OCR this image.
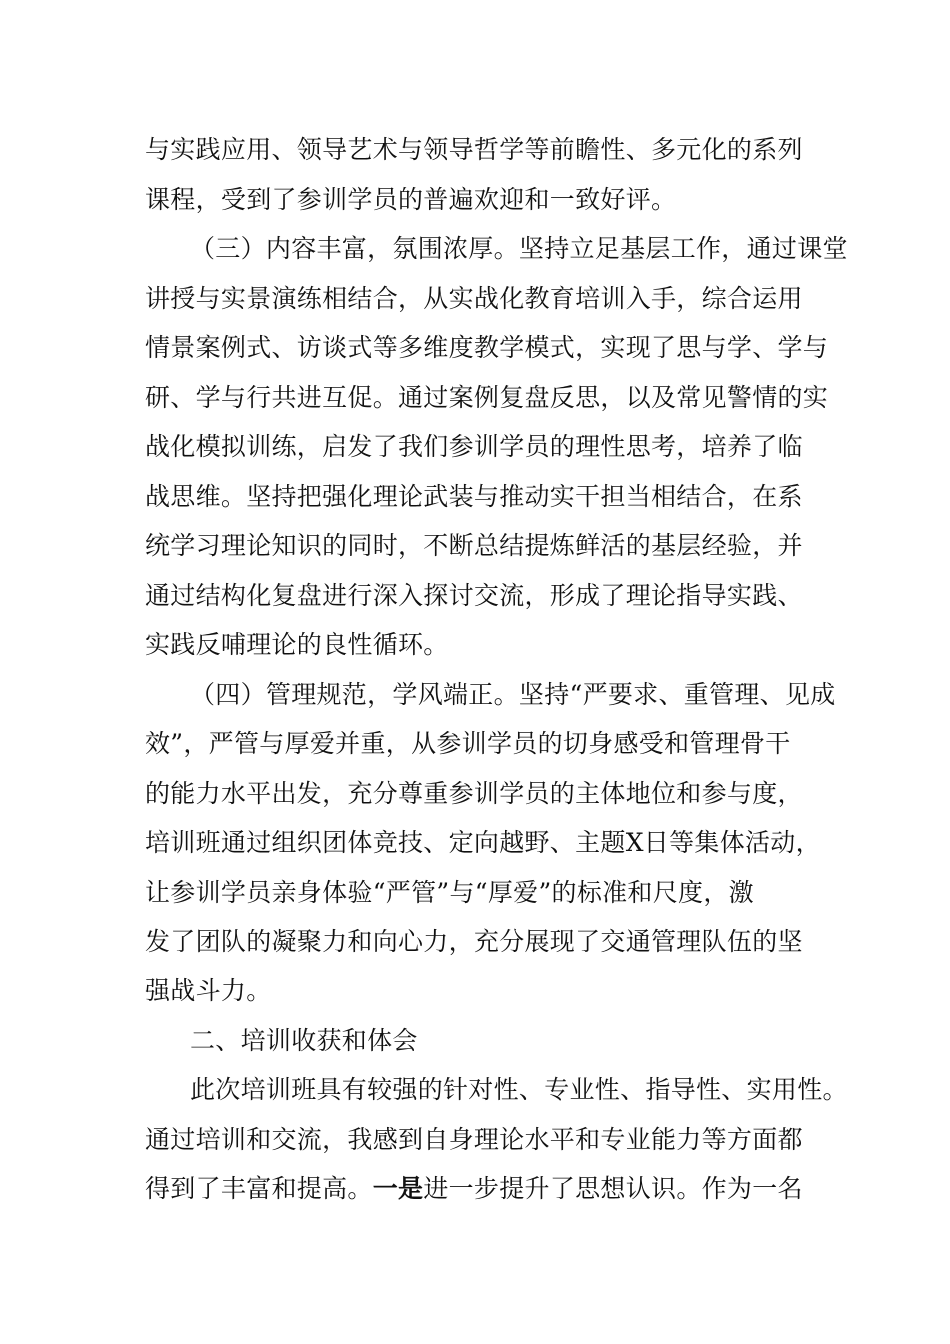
与实践应用、领导艺术与领导哲学等前瞻性、多元化的系列
课程，受到了参训学员的普遍欢迎和一致好评。
（三）内容丰富，氛围浓厚。坚持立足基层工作，通过课堂
讲授与实景演练相结合，从实战化教育培训入手，综合运用
情景案例式、访谈式等多维度教学模式，实现了思与学、学与
研、学与行共进互促。通过案例复盘反思，以及常见警情的实
战化模拟训练，启发了我们参训学员的理性思考，培养了临
战思维。坚持把强化理论武装与推动实干担当相结合，在系
统学习理论知识的同时，不断总结提炼鲜活的基层经验，并
通过结构化复盘进行深入探讨交流，形成了理论指导实践、
实践反哺理论的良性循环。
（四）管理规范，学风端正。坚持“严要求、重管理、见成
效”，严管与厚爱并重，从参训学员的切身感受和管理骨干
的能力水平出发，充分尊重参训学员的主体地位和参与度，
培训班通过组织团体竞技、定向越野、主题X日等集体活动，
让参训学员亲身体验“严管”与“厚爱”的标准和尺度，激
发了团队的凝聚力和向心力，充分展现了交通管理队伍的坚
强战斗力。
二、培训收获和体会
此次培训班具有较强的针对性、专业性、指导性、实用性。
通过培训和交流，我感到自身理论水平和专业能力等方面都
得到了丰富和提高。一是进一步提升了思想认识。作为一名
